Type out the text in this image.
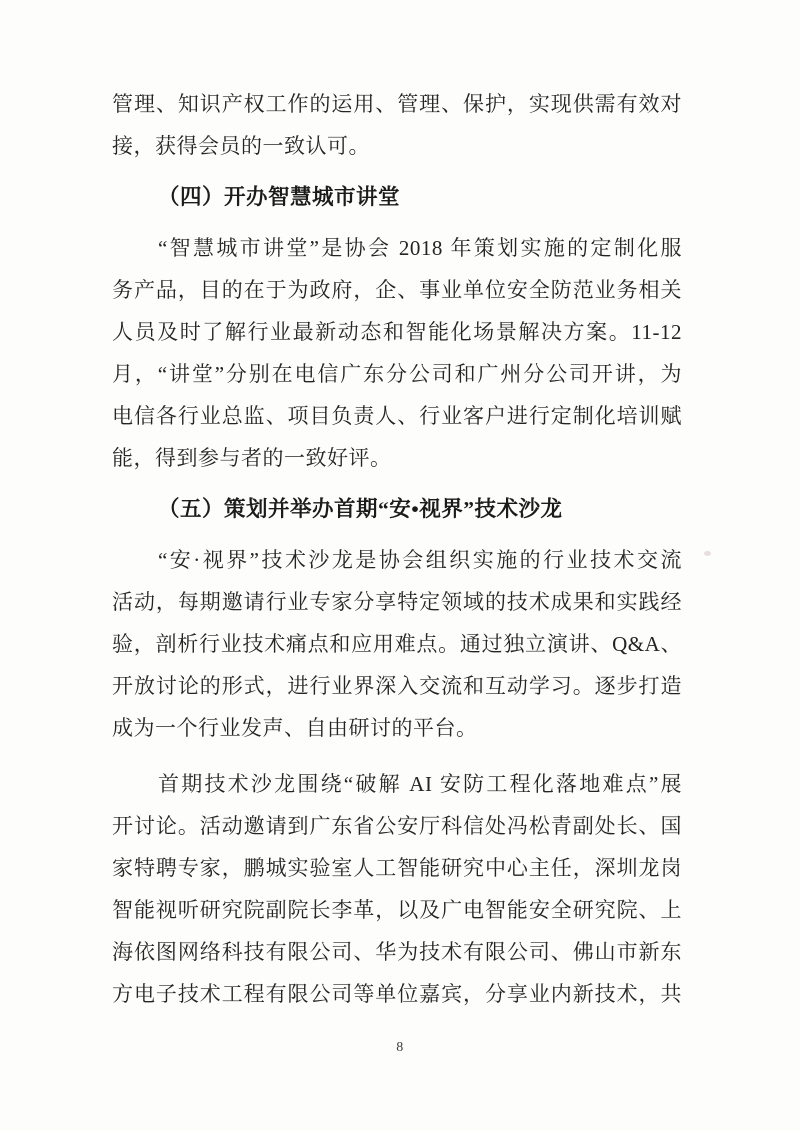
管理、知识产权工作的运用、管理、保护，实现供需有效对
接，获得会员的一致认可。
（四）开办智慧城市讲堂
“智慧城市讲堂”是协会 2018 年策划实施的定制化服
务产品，目的在于为政府，企、事业单位安全防范业务相关
人员及时了解行业最新动态和智能化场景解决方案。11-12
月，“讲堂”分别在电信广东分公司和广州分公司开讲，为
电信各行业总监、项目负责人、行业客户进行定制化培训赋
能，得到参与者的一致好评。
（五）策划并举办首期“安•视界”技术沙龙
“安·视界”技术沙龙是协会组织实施的行业技术交流
活动，每期邀请行业专家分享特定领域的技术成果和实践经
验，剖析行业技术痛点和应用难点。通过独立演讲、Q&A、
开放讨论的形式，进行业界深入交流和互动学习。逐步打造
成为一个行业发声、自由研讨的平台。
首期技术沙龙围绕“破解 AI 安防工程化落地难点”展
开讨论。活动邀请到广东省公安厅科信处冯松青副处长、国
家特聘专家，鹏城实验室人工智能研究中心主任，深圳龙岗
智能视听研究院副院长李革，以及广电智能安全研究院、上
海依图网络科技有限公司、华为技术有限公司、佛山市新东
方电子技术工程有限公司等单位嘉宾，分享业内新技术，共
8
